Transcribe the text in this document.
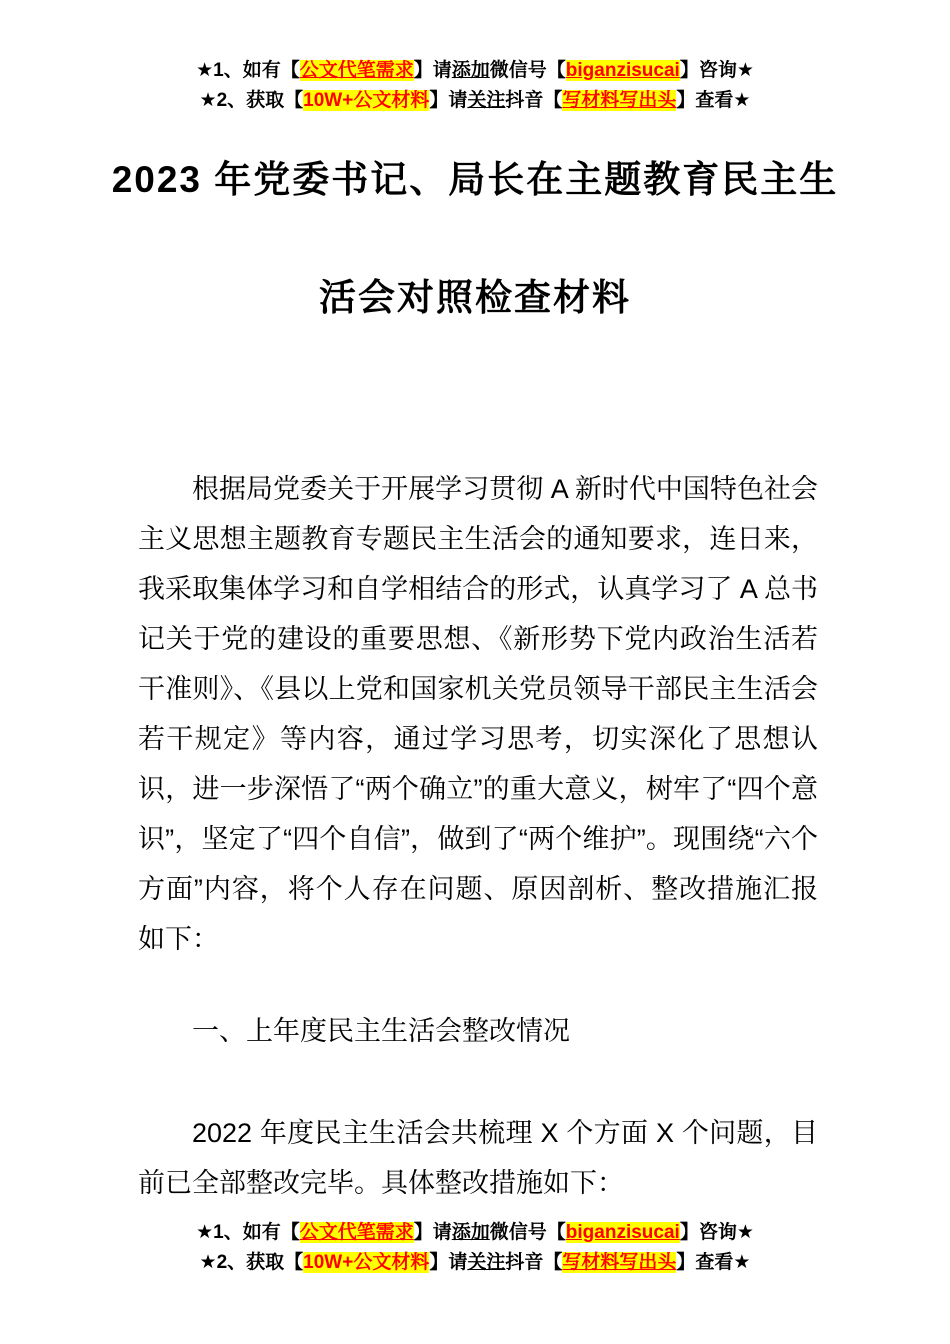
★1、如有【公文代笔需求】请添加微信号【biganzisucai】咨询★
★2、获取【10W+公文材料】请关注抖音【写材料写出头】查看★
2023 年党委书记、局长在主题教育民主生
活会对照检查材料

根据局党委关于开展学习贯彻 A 新时代中国特色社会主义思想主题教育专题民主生活会的通知要求，连日来，我采取集体学习和自学相结合的形式，认真学习了 A 总书记关于党的建设的重要思想、《新形势下党内政治生活若干准则》、《县以上党和国家机关党员领导干部民主生活会若干规定》等内容，通过学习思考，切实深化了思想认识，进一步深悟了“两个确立”的重大意义，树牢了“四个意识”，坚定了“四个自信”，做到了“两个维护”。现围绕“六个方面”内容，将个人存在问题、原因剖析、整改措施汇报如下：

一、上年度民主生活会整改情况

2022 年度民主生活会共梳理 X 个方面 X 个问题，目前已全部整改完毕。具体整改措施如下：

★1、如有【公文代笔需求】请添加微信号【biganzisucai】咨询★
★2、获取【10W+公文材料】请关注抖音【写材料写出头】查看★
